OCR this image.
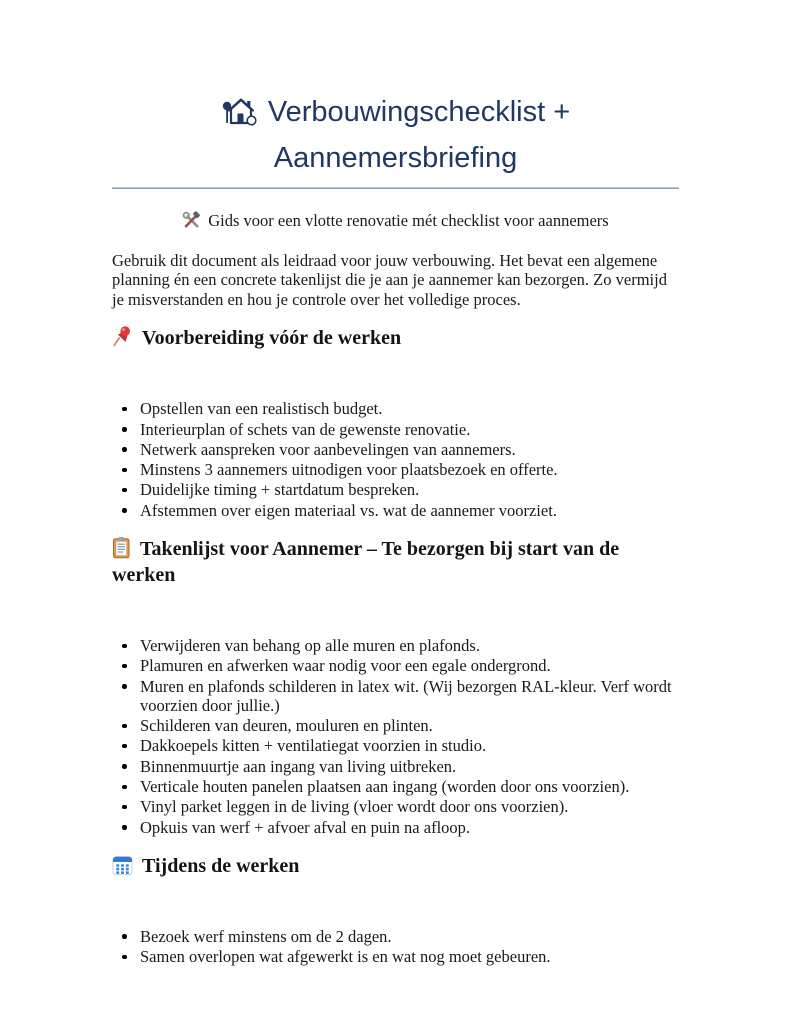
Verbouwingschecklist +
Aannemersbriefing
Gids voor een vlotte renovatie mét checklist voor aannemers

Gebruik dit document als leidraad voor jouw verbouwing. Het bevat een algemene planning én een concrete takenlijst die je aan je aannemer kan bezorgen. Zo vermijd je misverstanden en hou je controle over het volledige proces.

Voorbereiding vóór de werken
Opstellen van een realistisch budget.
Interieurplan of schets van de gewenste renovatie.
Netwerk aanspreken voor aanbevelingen van aannemers.
Minstens 3 aannemers uitnodigen voor plaatsbezoek en offerte.
Duidelijke timing + startdatum bespreken.
Afstemmen over eigen materiaal vs. wat de aannemer voorziet.
Takenlijst voor Aannemer – Te bezorgen bij start van de werken
Verwijderen van behang op alle muren en plafonds.
Plamuren en afwerken waar nodig voor een egale ondergrond.
Muren en plafonds schilderen in latex wit. (Wij bezorgen RAL-kleur. Verf wordt voorzien door jullie.)
Schilderen van deuren, mouluren en plinten.
Dakkoepels kitten + ventilatiegat voorzien in studio.
Binnenmuurtje aan ingang van living uitbreken.
Verticale houten panelen plaatsen aan ingang (worden door ons voorzien).
Vinyl parket leggen in de living (vloer wordt door ons voorzien).
Opkuis van werf + afvoer afval en puin na afloop.
Tijdens de werken
Bezoek werf minstens om de 2 dagen.
Samen overlopen wat afgewerkt is en wat nog moet gebeuren.
